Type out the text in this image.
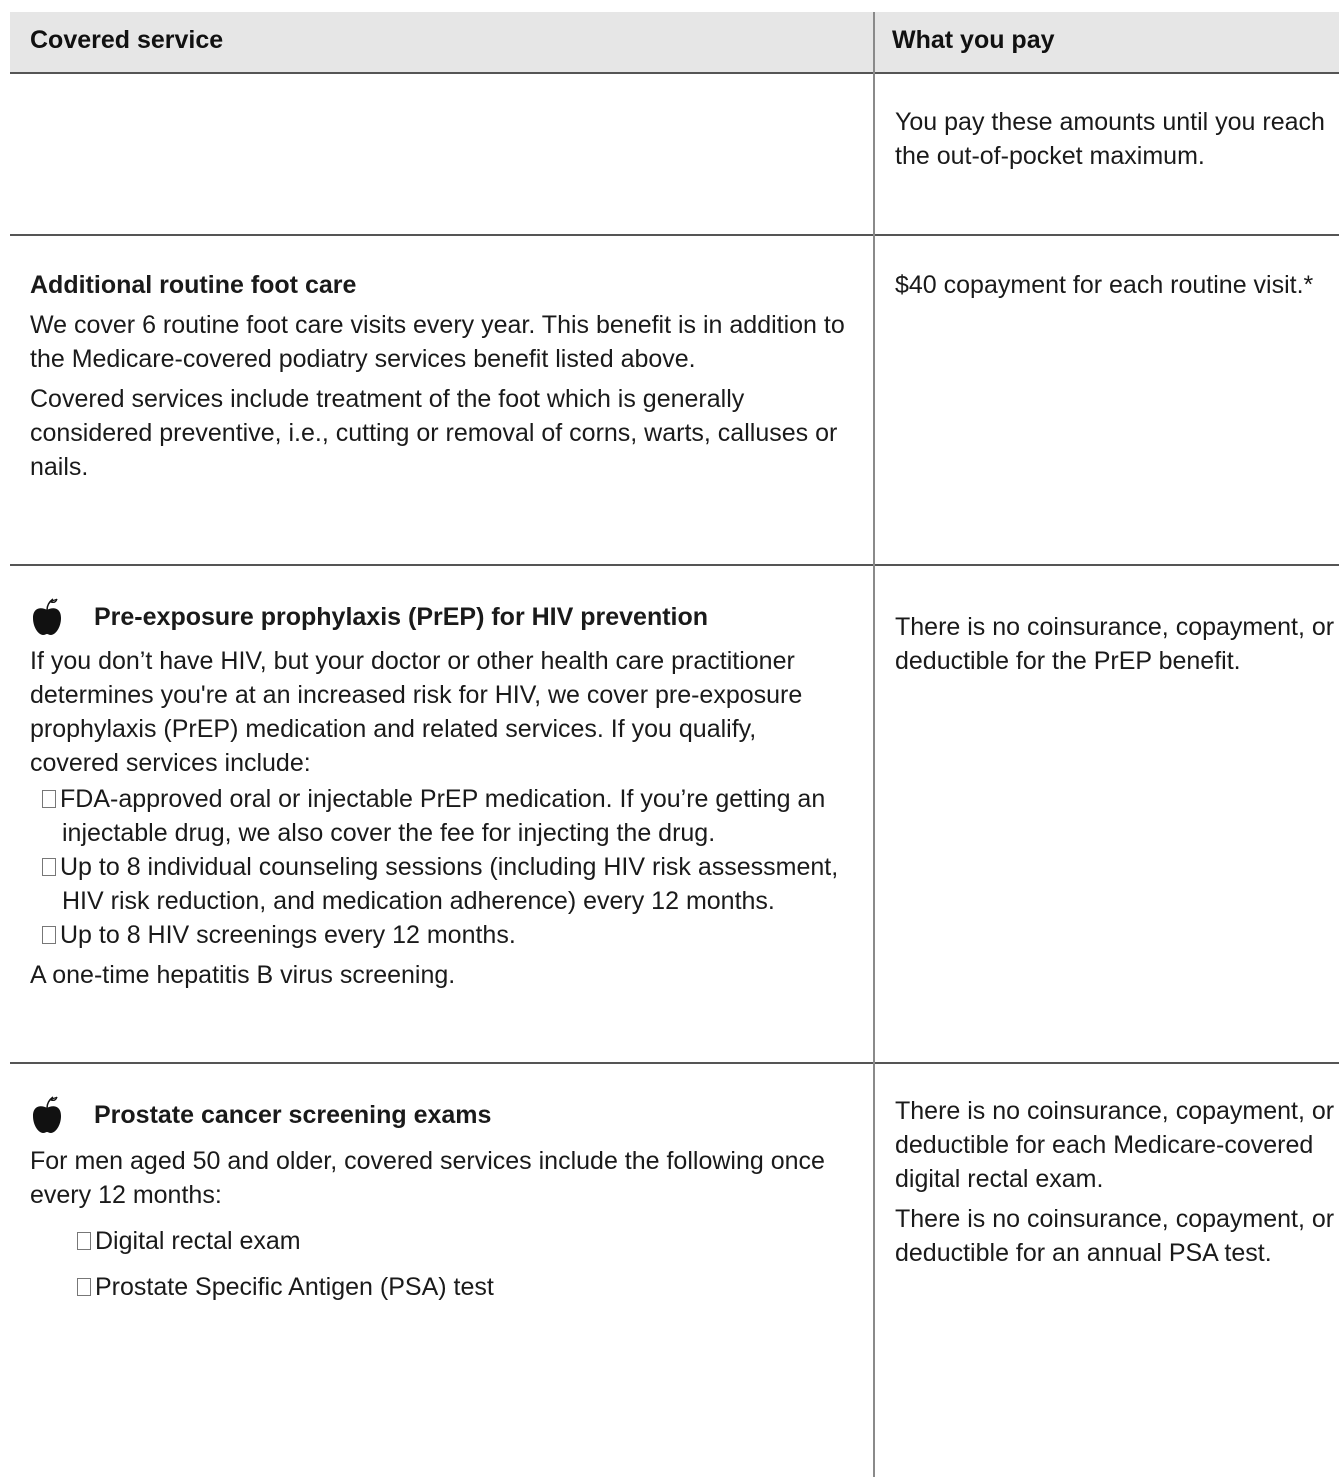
Covered service	What you pay

You pay these amounts until you reach the out-of-pocket maximum.

Additional routine foot care

We cover 6 routine foot care visits every year. This benefit is in addition to the Medicare-covered podiatry services benefit listed above.

Covered services include treatment of the foot which is generally considered preventive, i.e., cutting or removal of corns, warts, calluses or nails.

$40 copayment for each routine visit.*

Pre-exposure prophylaxis (PrEP) for HIV prevention

If you don’t have HIV, but your doctor or other health care practitioner determines you're at an increased risk for HIV, we cover pre-exposure prophylaxis (PrEP) medication and related services. If you qualify, covered services include:

FDA-approved oral or injectable PrEP medication. If you’re getting an injectable drug, we also cover the fee for injecting the drug.

Up to 8 individual counseling sessions (including HIV risk assessment, HIV risk reduction, and medication adherence) every 12 months.

Up to 8 HIV screenings every 12 months.

A one-time hepatitis B virus screening.

There is no coinsurance, copayment, or deductible for the PrEP benefit.

Prostate cancer screening exams

For men aged 50 and older, covered services include the following once every 12 months:

Digital rectal exam

Prostate Specific Antigen (PSA) test

There is no coinsurance, copayment, or deductible for each Medicare-covered digital rectal exam.

There is no coinsurance, copayment, or deductible for an annual PSA test.
